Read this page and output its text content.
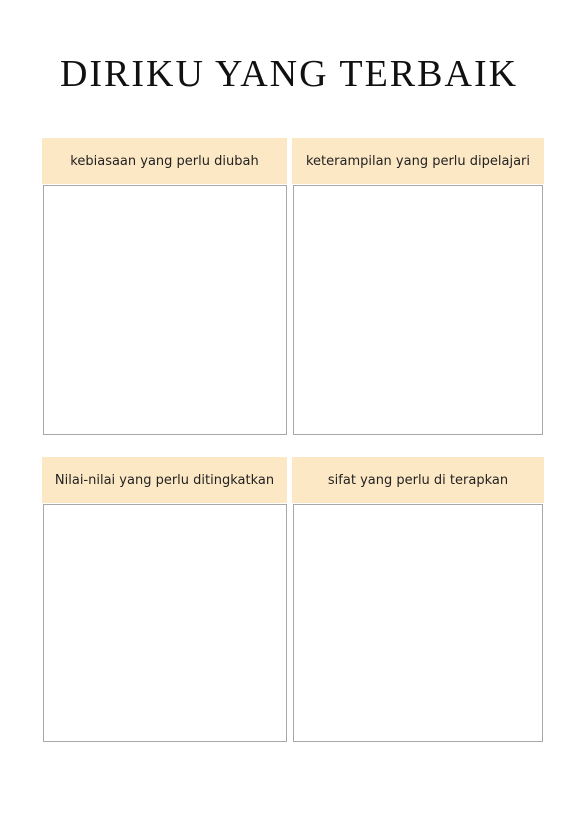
DIRIKU YANG TERBAIK
kebiasaan yang perlu diubah	keterampilan yang perlu dipelajari
Nilai-nilai yang perlu ditingkatkan	sifat yang perlu di terapkan
